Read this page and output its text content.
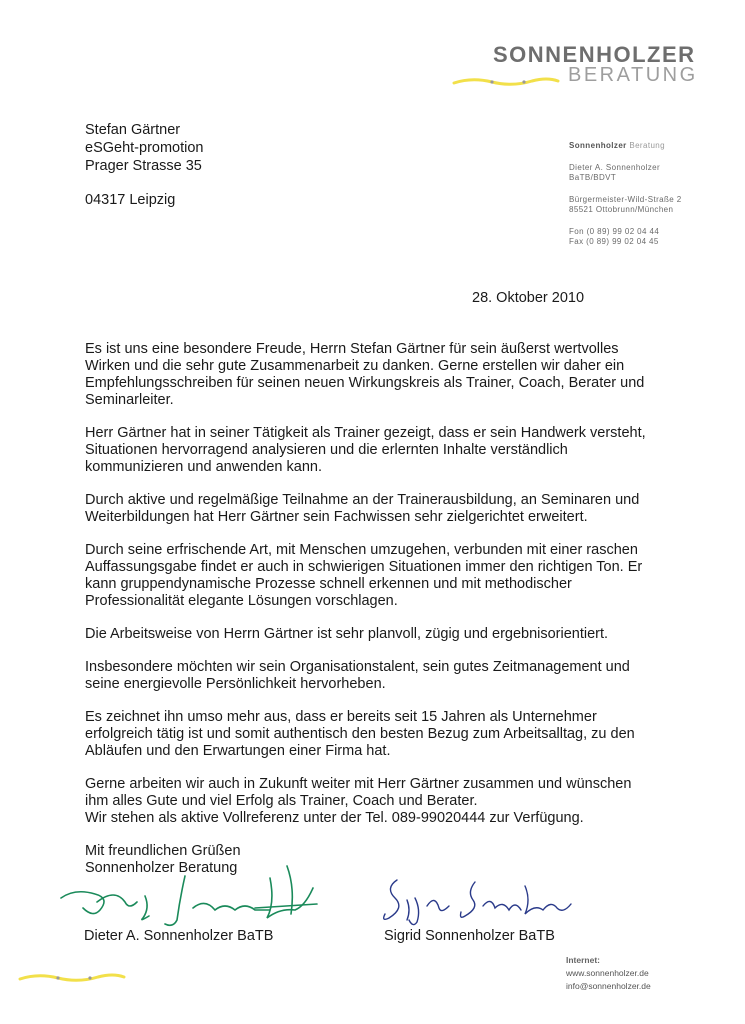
SONNENHOLZER
BERATUNG
Stefan Gärtner
eSGeht-promotion
Prager Strasse 35
04317 Leipzig
Sonnenholzer Beratung
Dieter A. Sonnenholzer
BaTB/BDVT
Bürgermeister-Wild-Straße 2
85521 Ottobrunn/München
Fon (0 89) 99 02 04 44
Fax (0 89) 99 02 04 45
28. Oktober 2010

Es ist uns eine besondere Freude, Herrn Stefan Gärtner für sein äußerst wertvolles Wirken und die sehr gute Zusammenarbeit zu danken. Gerne erstellen wir daher ein Empfehlungsschreiben für seinen neuen Wirkungskreis als Trainer, Coach, Berater und Seminarleiter.

Herr Gärtner hat in seiner Tätigkeit als Trainer gezeigt, dass er sein Handwerk versteht, Situationen hervorragend analysieren und die erlernten Inhalte verständlich kommunizieren und anwenden kann.

Durch aktive und regelmäßige Teilnahme an der Trainerausbildung, an Seminaren und Weiterbildungen hat Herr Gärtner sein Fachwissen sehr zielgerichtet erweitert.

Durch seine erfrischende Art, mit Menschen umzugehen, verbunden mit einer raschen Auffassungsgabe findet er auch in schwierigen Situationen immer den richtigen Ton. Er kann gruppendynamische Prozesse schnell erkennen und mit methodischer Professionalität elegante Lösungen vorschlagen.

Die Arbeitsweise von Herrn Gärtner ist sehr planvoll, zügig und ergebnisorientiert.

Insbesondere möchten wir sein Organisationstalent, sein gutes Zeitmanagement und seine energievolle Persönlichkeit hervorheben.

Es zeichnet ihn umso mehr aus, dass er bereits seit 15 Jahren als Unternehmer erfolgreich tätig ist und somit authentisch den besten Bezug zum Arbeitsalltag, zu den Abläufen und den Erwartungen einer Firma hat.

Gerne arbeiten wir auch in Zukunft weiter mit Herr Gärtner zusammen und wünschen ihm alles Gute und viel Erfolg als Trainer, Coach und Berater.

Wir stehen als aktive Vollreferenz unter der Tel. 089-99020444 zur Verfügung.

Mit freundlichen Grüßen
Sonnenholzer Beratung
Dieter A. Sonnenholzer BaTB	Sigrid Sonnenholzer BaTB
Internet:
www.sonnenholzer.de
info@sonnenholzer.de
